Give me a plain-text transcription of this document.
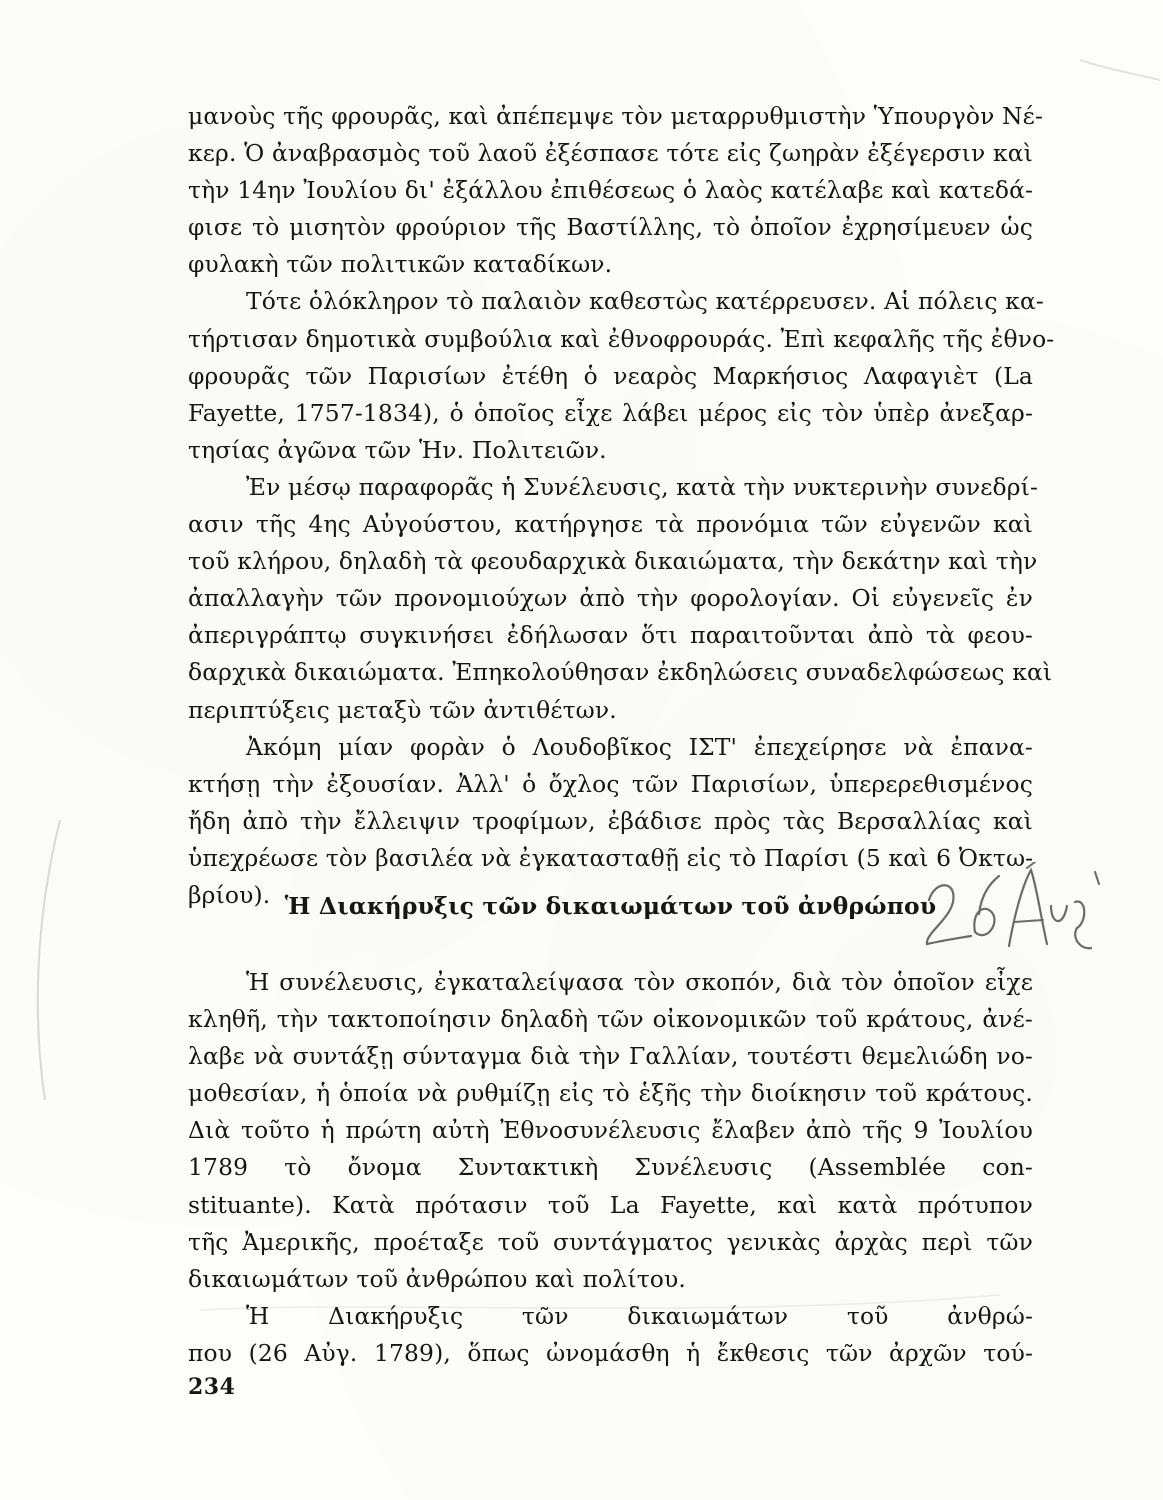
μανοὺς τῆς φρουρᾶς, καὶ ἀπέπεμψε τὸν μεταρρυθμιστὴν Ὑπουργὸν Νέ-
κερ. Ὁ ἀναβρασμὸς τοῦ λαοῦ ἐξέσπασε τότε εἰς ζωηρὰν ἐξέγερσιν καὶ
τὴν 14ην Ἰουλίου δι' ἐξάλλου ἐπιθέσεως ὁ λαὸς κατέλαβε καὶ κατεδά-
φισε τὸ μισητὸν φρούριον τῆς Βαστίλλης, τὸ ὁποῖον ἐχρησίμευεν ὡς
φυλακὴ τῶν πολιτικῶν καταδίκων.
Τότε ὁλόκληρον τὸ παλαιὸν καθεστὼς κατέρρευσεν. Αἱ πόλεις κα-
τήρτισαν δημοτικὰ συμβούλια καὶ ἐθνοφρουράς. Ἐπὶ κεφαλῆς τῆς ἐθνο-
φρουρᾶς τῶν Παρισίων ἐτέθη ὁ νεαρὸς Μαρκήσιος Λαφαγιὲτ (La
Fayette, 1757-1834), ὁ ὁποῖος εἶχε λάβει μέρος εἰς τὸν ὑπὲρ ἀνεξαρ-
τησίας ἀγῶνα τῶν Ἡν. Πολιτειῶν.
Ἐν μέσῳ παραφορᾶς ἡ Συνέλευσις, κατὰ τὴν νυκτερινὴν συνεδρί-
ασιν τῆς 4ης Αὐγούστου, κατήργησε τὰ προνόμια τῶν εὐγενῶν καὶ
τοῦ κλήρου, δηλαδὴ τὰ φεουδαρχικὰ δικαιώματα, τὴν δεκάτην καὶ τὴν
ἀπαλλαγὴν τῶν προνομιούχων ἀπὸ τὴν φορολογίαν. Οἱ εὐγενεῖς ἐν
ἀπεριγράπτῳ συγκινήσει ἐδήλωσαν ὅτι παραιτοῦνται ἀπὸ τὰ φεου-
δαρχικὰ δικαιώματα. Ἐπηκολούθησαν ἐκδηλώσεις συναδελφώσεως καὶ
περιπτύξεις μεταξὺ τῶν ἀντιθέτων.
Ἀκόμη μίαν φορὰν ὁ Λουδοβῖκος ΙΣΤ' ἐπεχείρησε νὰ ἐπανα-
κτήσῃ τὴν ἐξουσίαν. Ἀλλ' ὁ ὄχλος τῶν Παρισίων, ὑπερερεθισμένος
ἤδη ἀπὸ τὴν ἔλλειψιν τροφίμων, ἐβάδισε πρὸς τὰς Βερσαλλίας καὶ
ὑπεχρέωσε τὸν βασιλέα νὰ ἐγκατασταθῇ εἰς τὸ Παρίσι (5 καὶ 6 Ὀκτω-
βρίου). Ἡ Διακήρυξις τῶν δικαιωμάτων τοῦ ἀνθρώπου
Ἡ συνέλευσις, ἐγκαταλείψασα τὸν σκοπόν, διὰ τὸν ὁποῖον εἶχε
κληθῆ, τὴν τακτοποίησιν δηλαδὴ τῶν οἰκονομικῶν τοῦ κράτους, ἀνέ-
λαβε νὰ συντάξῃ σύνταγμα διὰ τὴν Γαλλίαν, τουτέστι θεμελιώδη νο-
μοθεσίαν, ἡ ὁποία νὰ ρυθμίζῃ εἰς τὸ ἑξῆς τὴν διοίκησιν τοῦ κράτους.
Διὰ τοῦτο ἡ πρώτη αὐτὴ Ἐθνοσυνέλευσις ἔλαβεν ἀπὸ τῆς 9 Ἰουλίου
1789 τὸ ὄνομα Συντακτικὴ Συνέλευσις (Assemblée con-
stituante). Κατὰ πρότασιν τοῦ La Fayette, καὶ κατὰ πρότυπον
τῆς Ἀμερικῆς, προέταξε τοῦ συντάγματος γενικὰς ἀρχὰς περὶ τῶν
δικαιωμάτων τοῦ ἀνθρώπου καὶ πολίτου.
Ἡ Διακήρυξις τῶν δικαιωμάτων τοῦ ἀνθρώ-
που (26 Αὐγ. 1789), ὅπως ὠνομάσθη ἡ ἔκθεσις τῶν ἀρχῶν τού-
234
